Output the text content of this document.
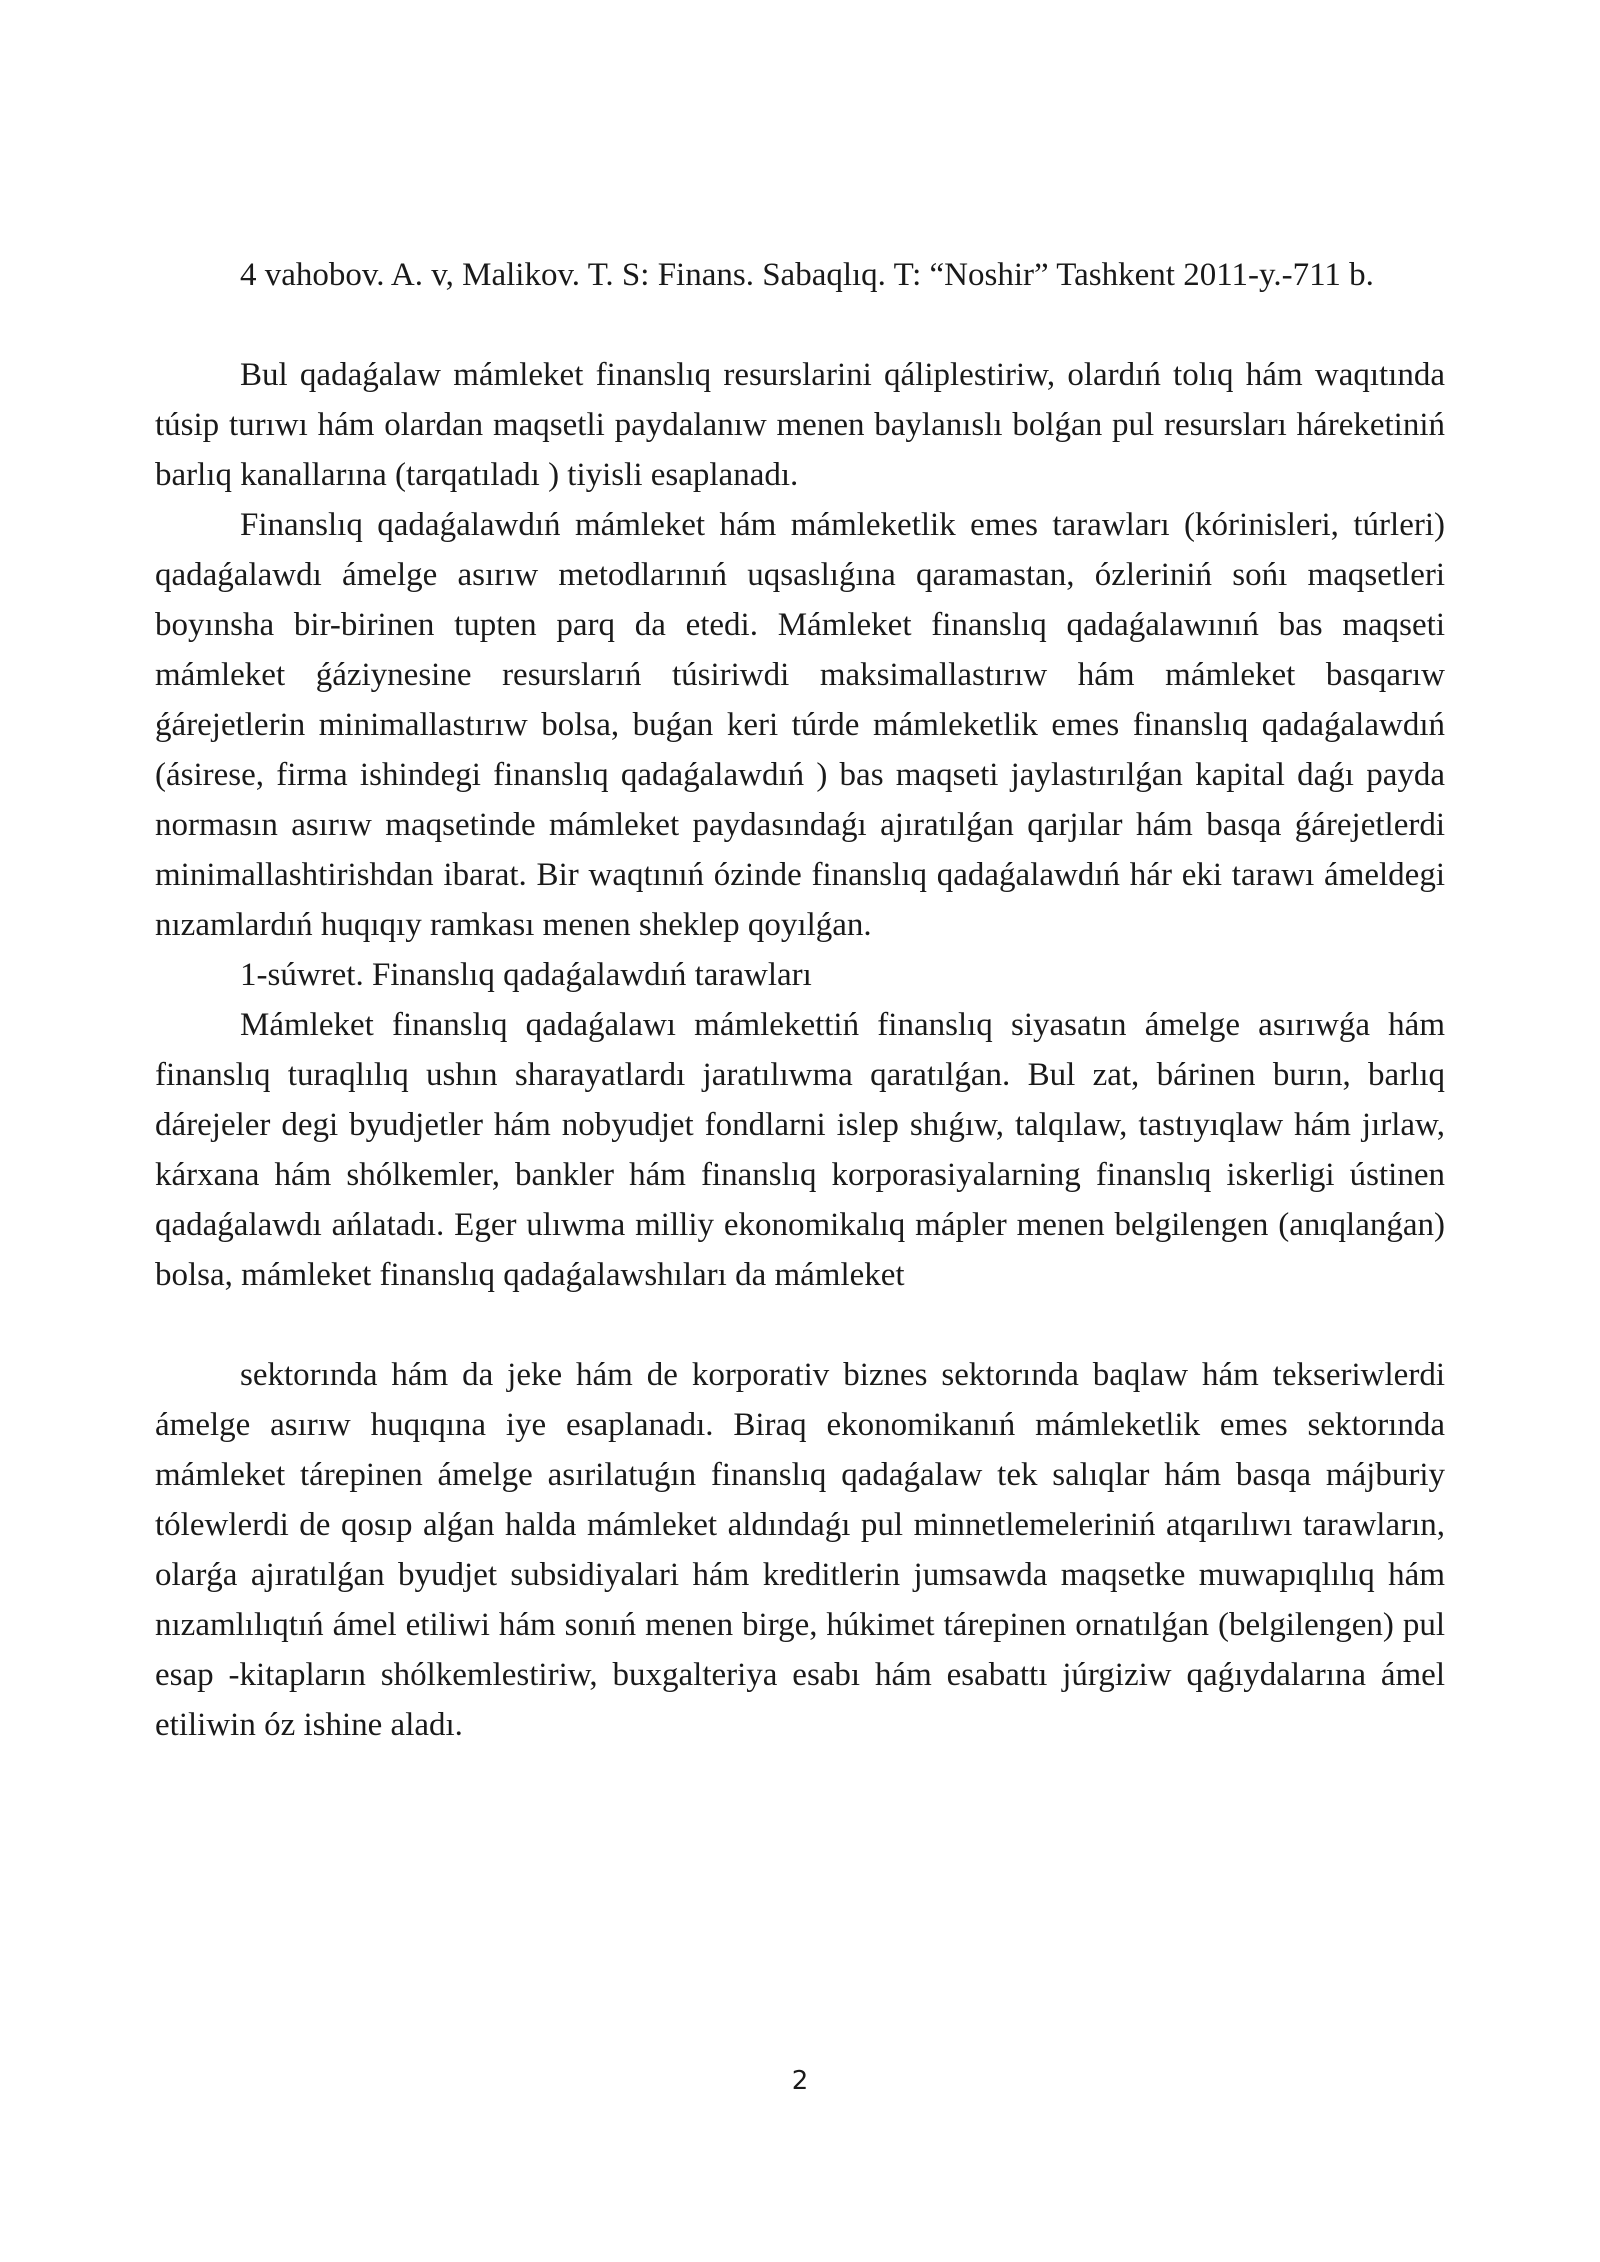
4 vahobov. A. v, Malikov. T. S: Finans. Sabaqlıq. T: “Noshir” Tashkent 2011-y.-711 b.

Bul qadaǵalaw mámleket finanslıq resurslarini qáliplestiriw, olardıń tolıq hám waqıtında túsip turıwı hám olardan maqsetli paydalanıw menen baylanıslı bolǵan pul resursları háreketiniń barlıq kanallarına (tarqatıladı ) tiyisli esaplanadı.

Finanslıq qadaǵalawdıń mámleket hám mámleketlik emes tarawları (kórinisleri, túrleri) qadaǵalawdı ámelge asırıw metodlarınıń uqsaslıǵına qaramastan, ózleriniń sońı maqsetleri boyınsha bir-birinen tupten parq da etedi. Mámleket finanslıq qadaǵalawınıń bas maqseti mámleket ǵáziynesine resurslarıń túsiriwdi maksimallastırıw hám mámleket basqarıw ǵárejetlerin minimallastırıw bolsa, buǵan keri túrde mámleketlik emes finanslıq qadaǵalawdıń (ásirese, firma ishindegi finanslıq qadaǵalawdıń ) bas maqseti jaylastırılǵan kapital daǵı payda normasın asırıw maqsetinde mámleket paydasındaǵı ajıratılǵan qarjılar hám basqa ǵárejetlerdi minimallashtirishdan ibarat. Bir waqtınıń ózinde finanslıq qadaǵalawdıń hár eki tarawı ámeldegi nızamlardıń huqıqıy ramkası menen sheklep qoyılǵan.

1-súwret. Finanslıq qadaǵalawdıń tarawları

Mámleket finanslıq qadaǵalawı mámlekettiń finanslıq siyasatın ámelge asırıwǵa hám finanslıq turaqlılıq ushın sharayatlardı jaratılıwma qaratılǵan. Bul zat, bárinen burın, barlıq dárejeler degi byudjetler hám nobyudjet fondlarni islep shıǵıw, talqılaw, tastıyıqlaw hám jırlaw, kárxana hám shólkemler, bankler hám finanslıq korporasiyalarning finanslıq iskerligi ústinen qadaǵalawdı ańlatadı. Eger ulıwma milliy ekonomikalıq mápler menen belgilengen (anıqlanǵan) bolsa, mámleket finanslıq qadaǵalawshıları da mámleket

sektorında hám da jeke hám de korporativ biznes sektorında baqlaw hám tekseriwlerdi ámelge asırıw huqıqına iye esaplanadı. Biraq ekonomikanıń mámleketlik emes sektorında mámleket tárepinen ámelge asırilatuǵın finanslıq qadaǵalaw tek salıqlar hám basqa májburiy tólewlerdi de qosıp alǵan halda mámleket aldındaǵı pul minnetlemeleriniń atqarılıwı tarawların, olarǵa ajıratılǵan byudjet subsidiyalari hám kreditlerin jumsawda maqsetke muwapıqlılıq hám nızamlılıqtıń ámel etiliwi hám sonıń menen birge, húkimet tárepinen ornatılǵan (belgilengen) pul esap -kitapların shólkemlestiriw, buxgalteriya esabı hám esabattı júrgiziw qaǵıydalarına ámel etiliwin óz ishine aladı.

2
